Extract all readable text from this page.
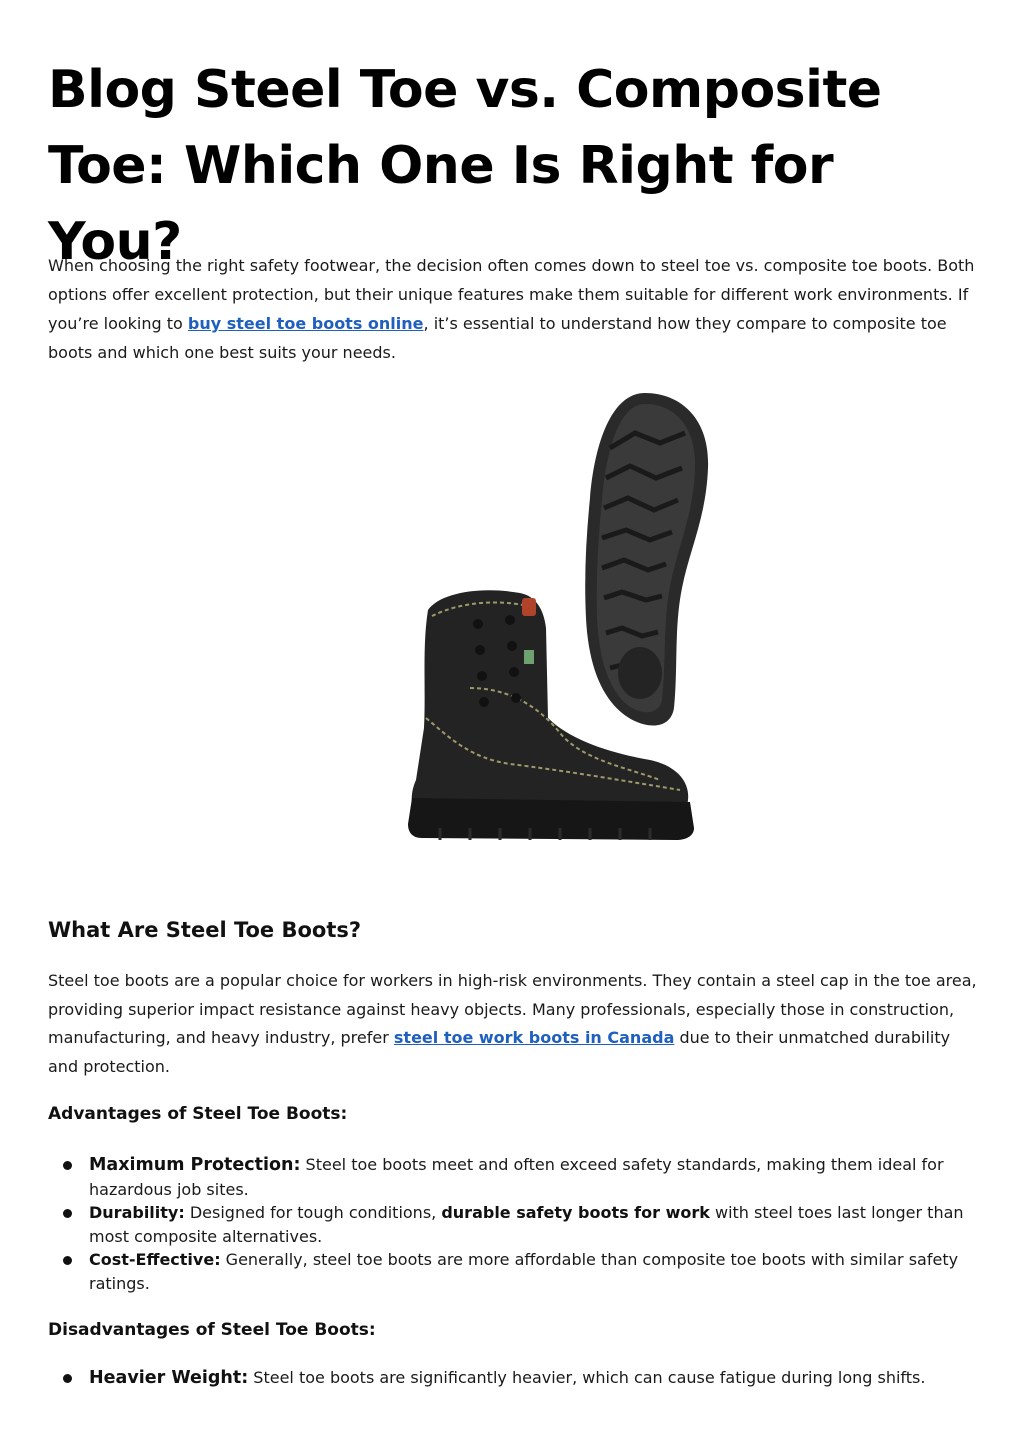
Blog Steel Toe vs. Composite Toe: Which One Is Right for You?

When choosing the right safety footwear, the decision often comes down to steel toe vs. composite toe boots. Both options offer excellent protection, but their unique features make them suitable for different work environments. If you’re looking to buy steel toe boots online, it’s essential to understand how they compare to composite toe boots and which one best suits your needs.

What Are Steel Toe Boots?

Steel toe boots are a popular choice for workers in high-risk environments. They contain a steel cap in the toe area, providing superior impact resistance against heavy objects. Many professionals, especially those in construction, manufacturing, and heavy industry, prefer steel toe work boots in Canada due to their unmatched durability and protection.

Advantages of Steel Toe Boots:
Maximum Protection: Steel toe boots meet and often exceed safety standards, making them ideal for hazardous job sites.
Durability: Designed for tough conditions, durable safety boots for work with steel toes last longer than most composite alternatives.
Cost-Effective: Generally, steel toe boots are more affordable than composite toe boots with similar safety ratings.
Disadvantages of Steel Toe Boots:
Heavier Weight: Steel toe boots are significantly heavier, which can cause fatigue during long shifts.
